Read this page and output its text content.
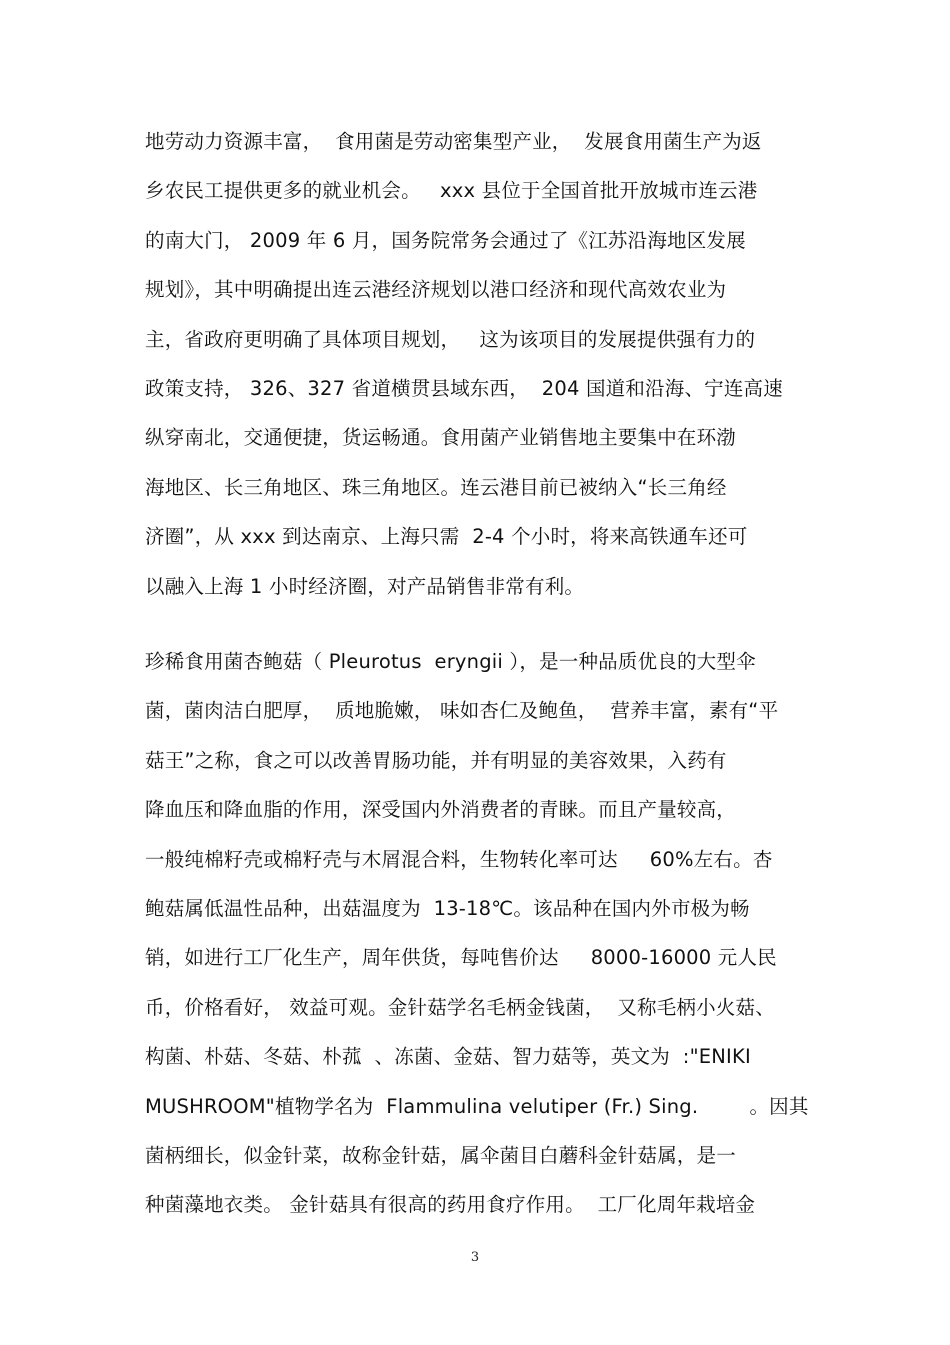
地劳动力资源丰富，  食用菌是劳动密集型产业，  发展食用菌生产为返
乡农民工提供更多的就业机会。   xxx 县位于全国首批开放城市连云港
的南大门， 2009 年 6 月，国务院常务会通过了《江苏沿海地区发展
规划》，其中明确提出连云港经济规划以港口经济和现代高效农业为
主，省政府更明确了具体项目规划，   这为该项目的发展提供强有力的
政策支持， 326、327 省道横贯县域东西，  204 国道和沿海、宁连高速
纵穿南北，交通便捷，货运畅通。食用菌产业销售地主要集中在环渤
海地区、长三角地区、珠三角地区。连云港目前已被纳入“长三角经
济圈”，从 xxx 到达南京、上海只需  2-4 个小时，将来高铁通车还可
以融入上海 1 小时经济圈，对产品销售非常有利。
珍稀食用菌杏鲍菇（ Pleurotus  eryngii ），是一种品质优良的大型伞
菌，菌肉洁白肥厚，  质地脆嫩， 味如杏仁及鲍鱼，  营养丰富，素有“平
菇王”之称，食之可以改善胃肠功能，并有明显的美容效果，入药有
降血压和降血脂的作用，深受国内外消费者的青睐。而且产量较高，
一般纯棉籽壳或棉籽壳与木屑混合料，生物转化率可达     60%左右。杏
鲍菇属低温性品种，出菇温度为  13-18℃。该品种在国内外市极为畅
销，如进行工厂化生产，周年供货，每吨售价达     8000-16000 元人民
币，价格看好， 效益可观。金针菇学名毛柄金钱菌，  又称毛柄小火菇、
构菌、朴菇、冬菇、朴菰  、冻菌、金菇、智力菇等，英文为  :"ENIKI
MUSHROOM"植物学名为  Flammulina velutiper (Fr.) Sing.        。因其
菌柄细长，似金针菜，故称金针菇，属伞菌目白蘑科金针菇属，是一
种菌藻地衣类。 金针菇具有很高的药用食疗作用。  工厂化周年栽培金
3
